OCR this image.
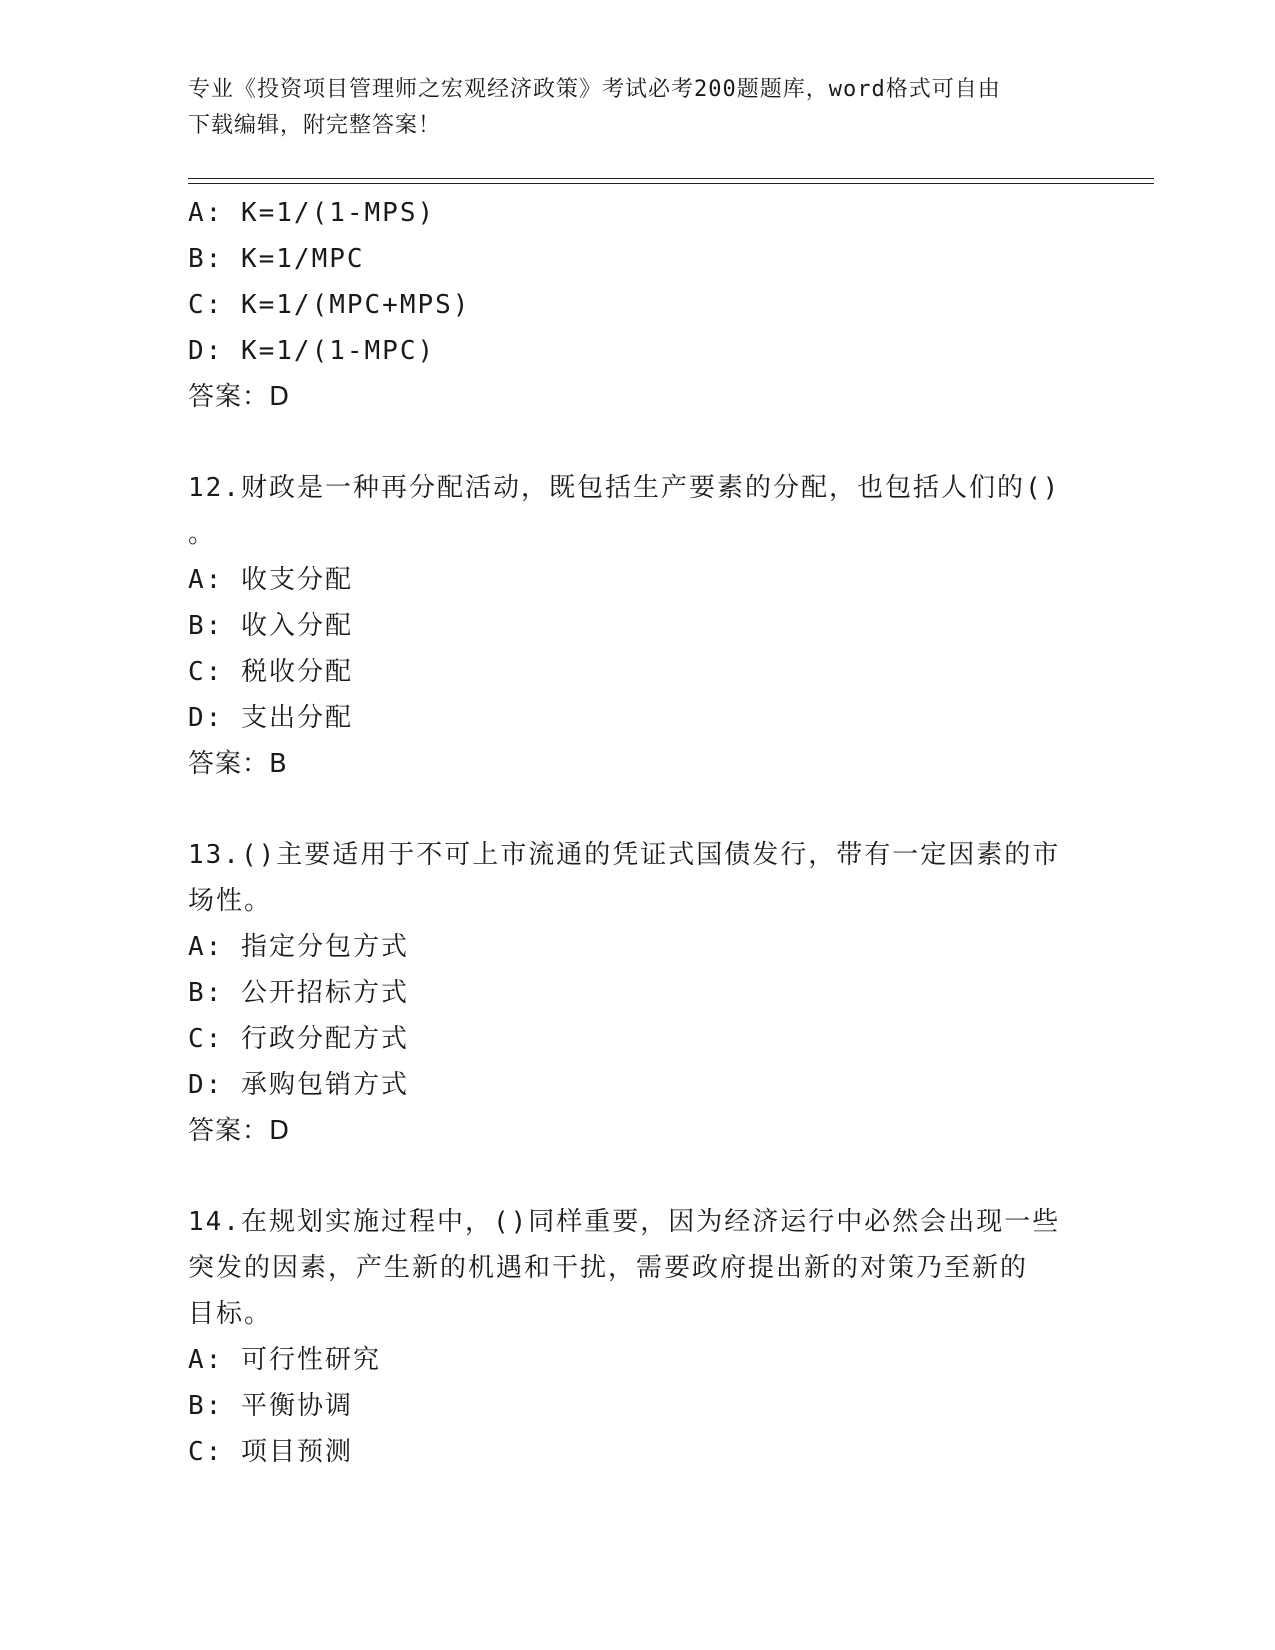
专业《投资项目管理师之宏观经济政策》考试必考200题题库，word格式可自由
下载编辑，附完整答案！
A: K=1/(1-MPS)
B: K=1/MPC
C: K=1/(MPC+MPS)
D: K=1/(1-MPC)
答案：D
12.财政是一种再分配活动，既包括生产要素的分配，也包括人们的()
。
A: 收支分配
B: 收入分配
C: 税收分配
D: 支出分配
答案：B
13.()主要适用于不可上市流通的凭证式国债发行，带有一定因素的市
场性。
A: 指定分包方式
B: 公开招标方式
C: 行政分配方式
D: 承购包销方式
答案：D
14.在规划实施过程中，()同样重要，因为经济运行中必然会出现一些
突发的因素，产生新的机遇和干扰，需要政府提出新的对策乃至新的
目标。
A: 可行性研究
B: 平衡协调
C: 项目预测
